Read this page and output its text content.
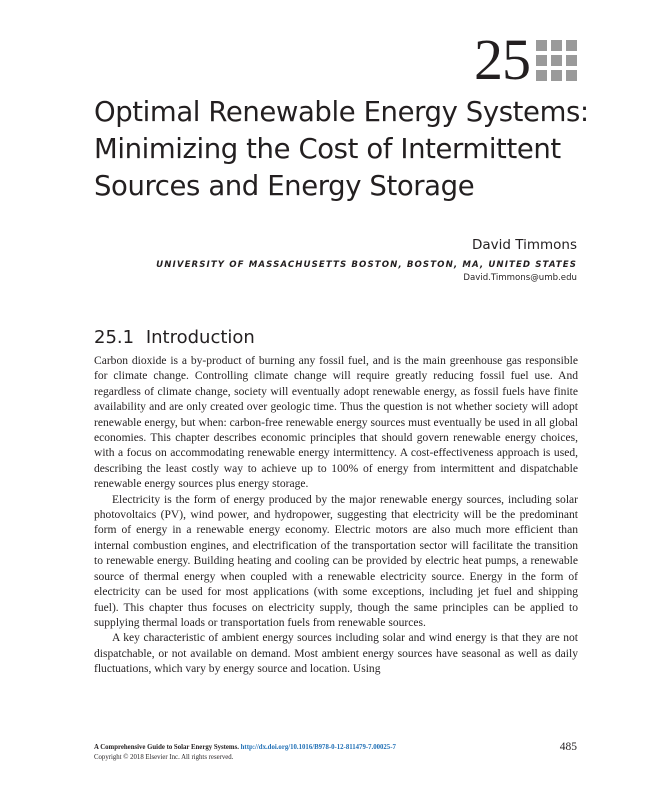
25
Optimal Renewable Energy Systems: Minimizing the Cost of Intermittent Sources and Energy Storage
David Timmons
UNIVERSITY OF MASSACHUSETTS BOSTON, BOSTON, MA, UNITED STATES
David.Timmons@umb.edu
25.1 Introduction

Carbon dioxide is a by-product of burning any fossil fuel, and is the main greenhouse gas responsible for climate change. Controlling climate change will require greatly reducing fossil fuel use. And regardless of climate change, society will eventually adopt renewable energy, as fossil fuels have finite availability and are only created over geologic time. Thus the question is not whether society will adopt renewable energy, but when: carbon-free renewable energy sources must eventually be used in all global economies. This chapter describes economic principles that should govern renewable energy choices, with a focus on accommodating renewable energy intermittency. A cost-effectiveness approach is used, describing the least costly way to achieve up to 100% of energy from intermittent and dispatchable renewable energy sources plus energy storage.

Electricity is the form of energy produced by the major renewable energy sources, including solar photovoltaics (PV), wind power, and hydropower, suggesting that electricity will be the predominant form of energy in a renewable energy economy. Electric motors are also much more efficient than internal combustion engines, and electrification of the transportation sector will facilitate the transition to renewable energy. Building heating and cooling can be provided by electric heat pumps, a renewable source of thermal energy when coupled with a renewable electricity source. Energy in the form of electricity can be used for most applications (with some exceptions, including jet fuel and shipping fuel). This chapter thus focuses on electricity supply, though the same principles can be applied to supplying thermal loads or transportation fuels from renewable sources.

A key characteristic of ambient energy sources including solar and wind energy is that they are not dispatchable, or not available on demand. Most ambient energy sources have seasonal as well as daily fluctuations, which vary by energy source and location. Using

A Comprehensive Guide to Solar Energy Systems. http://dx.doi.org/10.1016/B978-0-12-811479-7.00025-7
Copyright © 2018 Elsevier Inc. All rights reserved.
485
